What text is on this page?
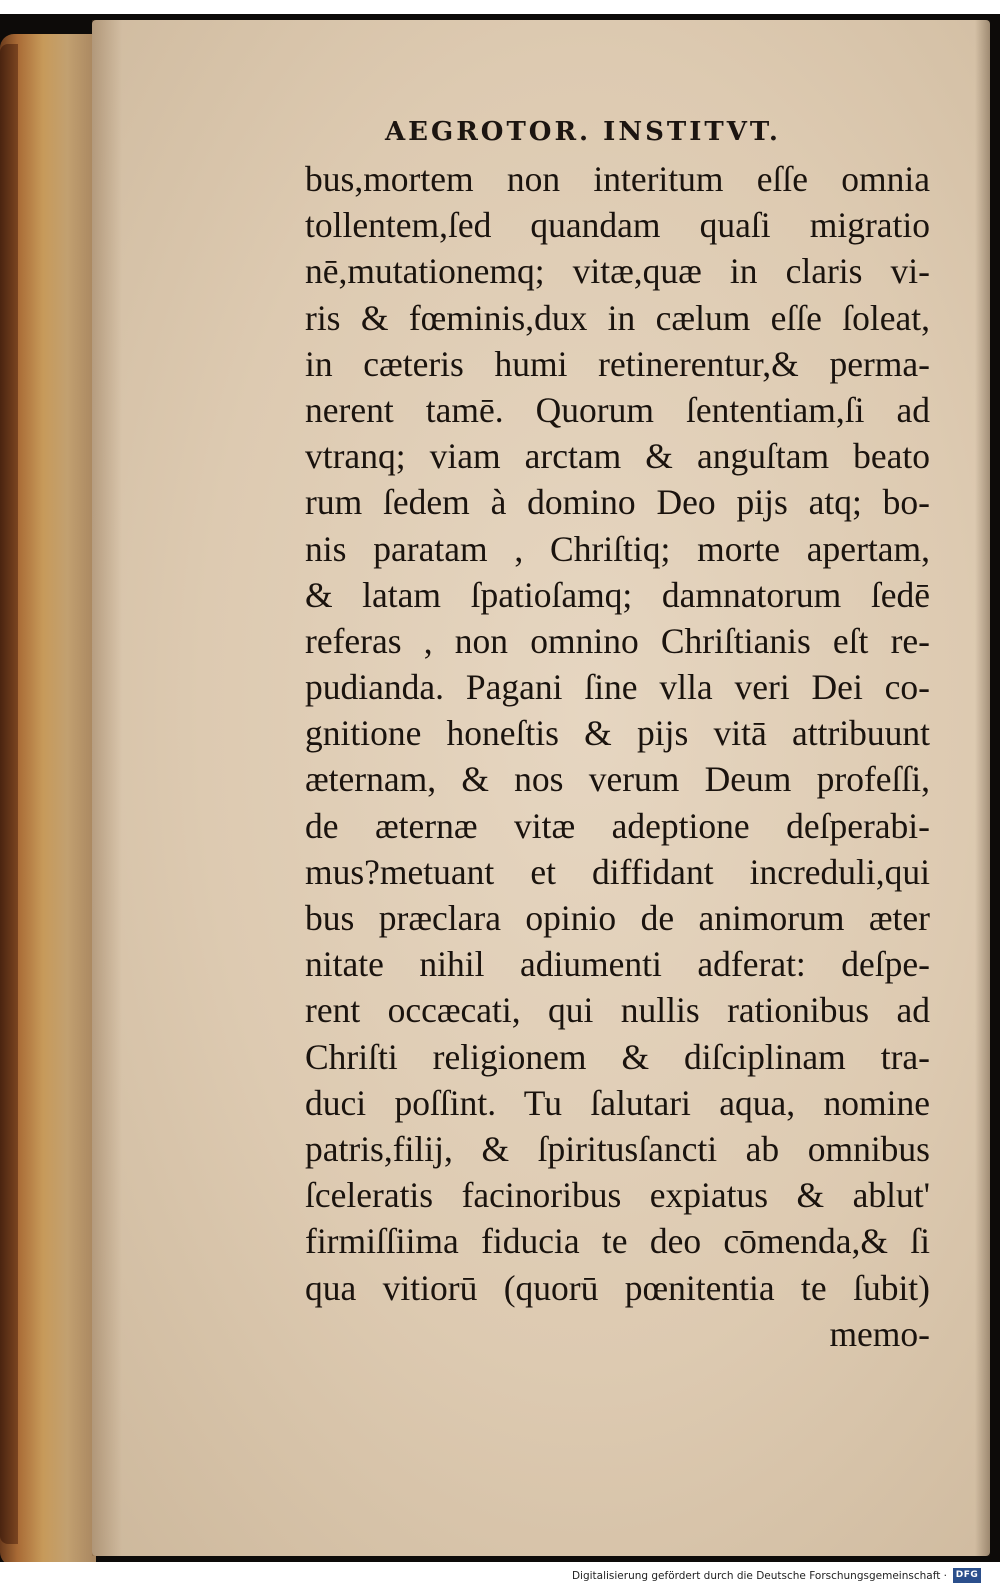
AEGROTOR. INSTITVT.
bus,mortem non interitum eſſe omnia
tollentem,ſed quandam quaſi migratio
nē,mutationemq; vitæ,quæ in claris vi-
ris & fœminis,dux in cælum eſſe ſoleat,
in cæteris humi retinerentur,& perma-
nerent tamē. Quorum ſententiam,ſi ad
vtranq; viam arctam & anguſtam beato
rum ſedem à domino Deo pijs atq; bo-
nis paratam , Chriſtiq; morte apertam,
& latam ſpatioſamq; damnatorum ſedē
referas , non omnino Chriſtianis eſt re-
pudianda. Pagani ſine vlla veri Dei co-
gnitione honeſtis & pijs vitā attribuunt
æternam, & nos verum Deum profeſſi,
de æternæ vitæ adeptione deſperabi-
mus?metuant et diffidant increduli,qui
bus præclara opinio de animorum æter
nitate nihil adiumenti adferat: deſpe-
rent occæcati, qui nullis rationibus ad
Chriſti religionem & diſciplinam tra-
duci poſſint. Tu ſalutari aqua, nomine
patris,filij, & ſpiritusſancti ab omnibus
ſceleratis facinoribus expiatus & ablut'
firmiſſiima fiducia te deo cōmenda,& ſi
qua vitiorū (quorū pœnitentia te ſubit)
memo-
Digitalisierung gefördert durch die Deutsche Forschungsgemeinschaft · DFG
